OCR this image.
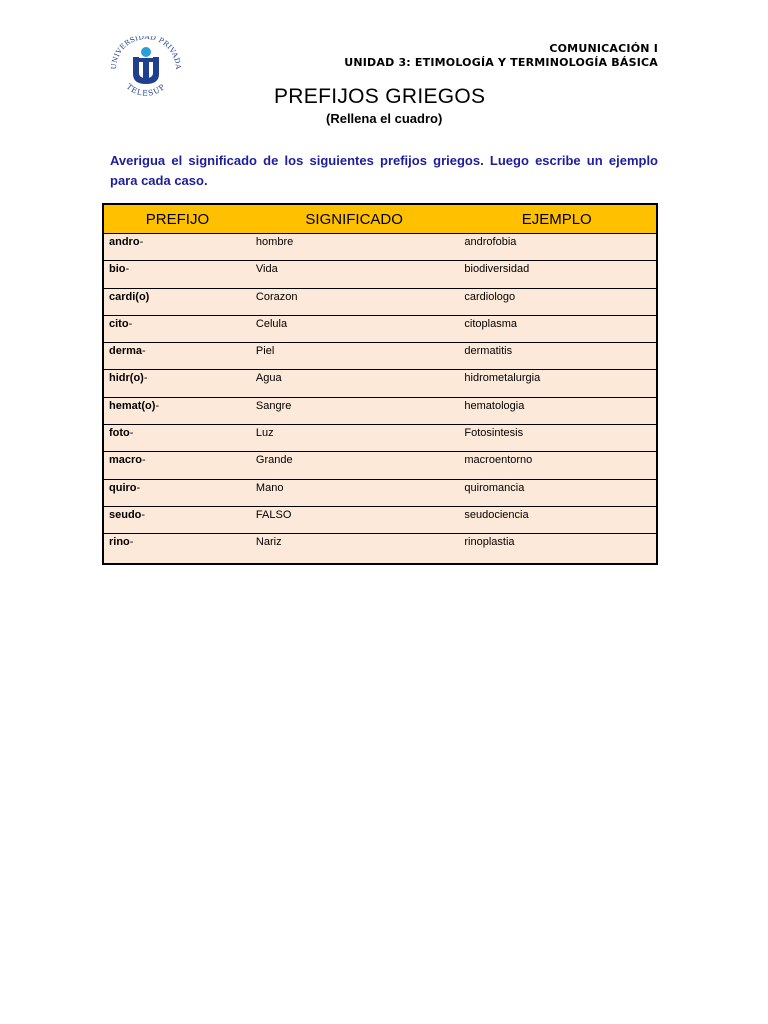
UNIVERSIDAD PRIVADA
TELESUP
COMUNICACIÓN I
UNIDAD 3: ETIMOLOGÍA Y TERMINOLOGÍA BÁSICA
PREFIJOS GRIEGOS
(Rellena el cuadro)
Averigua el significado de los siguientes prefijos griegos. Luego escribe un ejemplo para cada caso.
PREFIJO	SIGNIFICADO	EJEMPLO
andro-	hombre	androfobia
bio-	Vida	biodiversidad
cardi(o)	Corazon	cardiologo
cito-	Celula	citoplasma
derma-	Piel	dermatitis
hidr(o)-	Agua	hidrometalurgia
hemat(o)-	Sangre	hematologia
foto-	Luz	Fotosintesis
macro-	Grande	macroentorno
quiro-	Mano	quiromancia
seudo-	FALSO	seudociencia
rino-	Nariz	rinoplastia
